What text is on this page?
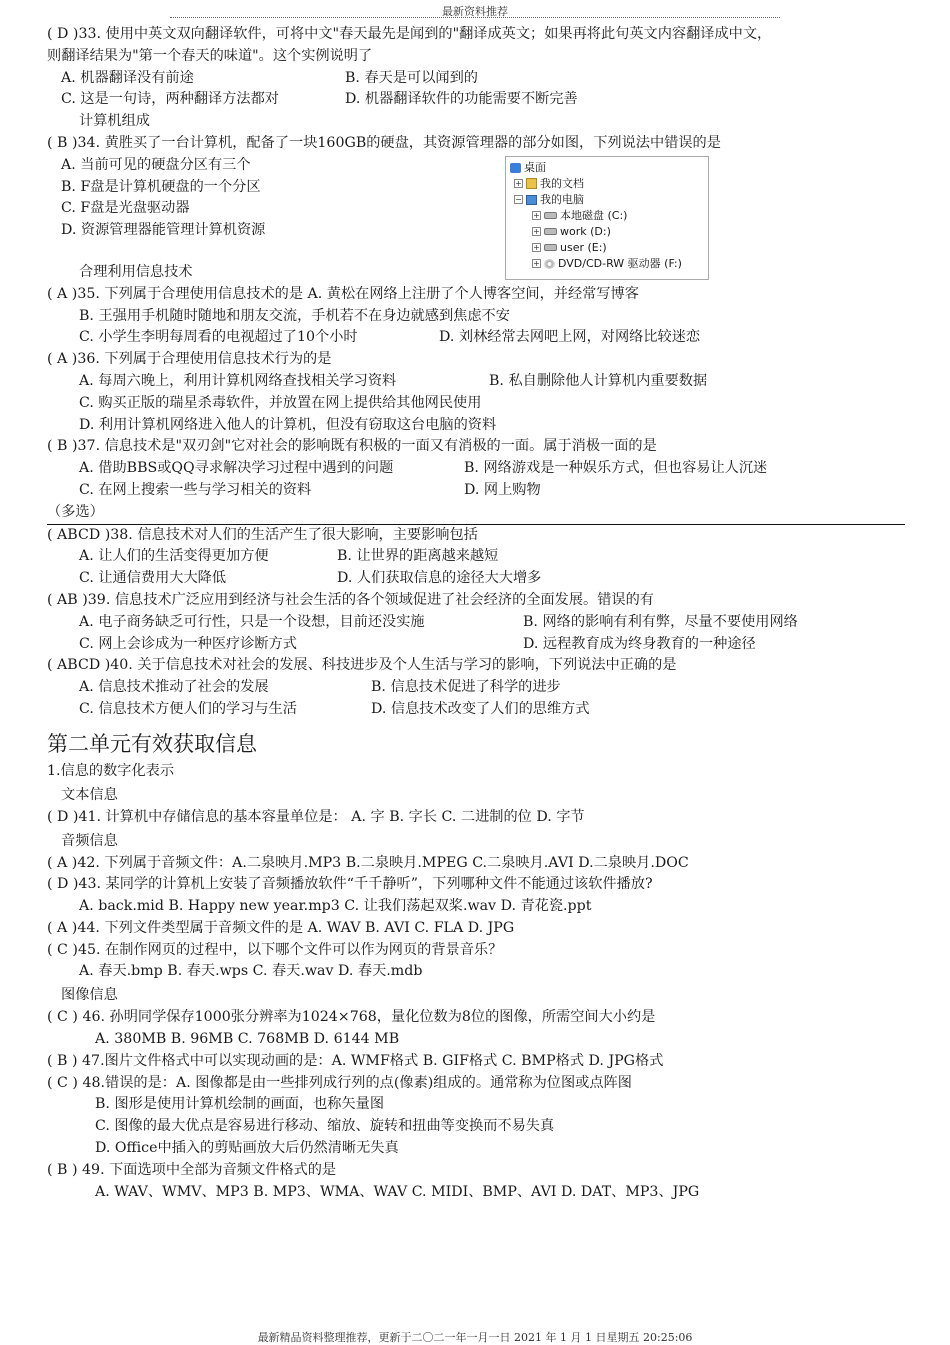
最新资料推荐
( D )33. 使用中英文双向翻译软件，可将中文"春天最先是闻到的"翻译成英文；如果再将此句英文内容翻译成中文，
则翻译结果为"第一个春天的味道"。这个实例说明了
A. 机器翻译没有前途	B. 春天是可以闻到的
C. 这是一句诗，两种翻译方法都对	D. 机器翻译软件的功能需要不断完善
计算机组成
( B )34. 黄胜买了一台计算机，配备了一块160GB的硬盘，其资源管理器的部分如图，下列说法中错误的是
A. 当前可见的硬盘分区有三个
B. F盘是计算机硬盘的一个分区
C. F盘是光盘驱动器
D. 资源管理器能管理计算机资源
桌面
+ 我的文档
− 我的电脑
+ 本地磁盘 (C:)
+ work (D:)
+ user (E:)
+ DVD/CD-RW 驱动器 (F:)
合理利用信息技术
( A )35. 下列属于合理使用信息技术的是 A. 黄松在网络上注册了个人博客空间，并经常写博客
B. 王强用手机随时随地和朋友交流，手机若不在身边就感到焦虑不安
C. 小学生李明每周看的电视超过了10个小时	D. 刘林经常去网吧上网，对网络比较迷恋
( A )36. 下列属于合理使用信息技术行为的是
A. 每周六晚上，利用计算机网络查找相关学习资料	B. 私自删除他人计算机内重要数据
C. 购买正版的瑞星杀毒软件，并放置在网上提供给其他网民使用
D. 利用计算机网络进入他人的计算机，但没有窃取这台电脑的资料
( B )37. 信息技术是"双刃剑"它对社会的影响既有积极的一面又有消极的一面。属于消极一面的是
A. 借助BBS或QQ寻求解决学习过程中遇到的问题	B. 网络游戏是一种娱乐方式，但也容易让人沉迷
C. 在网上搜索一些与学习相关的资料	D. 网上购物
（多选）
( ABCD )38. 信息技术对人们的生活产生了很大影响，主要影响包括
A. 让人们的生活变得更加方便	B. 让世界的距离越来越短
C. 让通信费用大大降低	D. 人们获取信息的途径大大增多
( AB )39. 信息技术广泛应用到经济与社会生活的各个领域促进了社会经济的全面发展。错误的有
A. 电子商务缺乏可行性，只是一个设想，目前还没实施	B. 网络的影响有利有弊，尽量不要使用网络
C. 网上会诊成为一种医疗诊断方式	D. 远程教育成为终身教育的一种途径
( ABCD )40. 关于信息技术对社会的发展、科技进步及个人生活与学习的影响，下列说法中正确的是
A. 信息技术推动了社会的发展	B. 信息技术促进了科学的进步
C. 信息技术方便人们的学习与生活	D. 信息技术改变了人们的思维方式
第二单元有效获取信息
1.信息的数字化表示
文本信息
( D )41. 计算机中存储信息的基本容量单位是： A. 字 B. 字长 C. 二进制的位 D. 字节
音频信息
( A )42. 下列属于音频文件：A.二泉映月.MP3 B.二泉映月.MPEG C.二泉映月.AVI D.二泉映月.DOC
( D )43. 某同学的计算机上安装了音频播放软件“千千静听”，下列哪种文件不能通过该软件播放?
A. back.mid B. Happy new year.mp3 C. 让我们荡起双桨.wav D. 青花瓷.ppt
( A )44. 下列文件类型属于音频文件的是 A. WAV B. AVI C. FLA D. JPG
( C )45. 在制作网页的过程中，以下哪个文件可以作为网页的背景音乐？
A. 春天.bmp B. 春天.wps C. 春天.wav D. 春天.mdb
图像信息
( C ) 46. 孙明同学保存1000张分辨率为1024×768，量化位数为8位的图像，所需空间大小约是
A. 380MB B. 96MB C. 768MB D. 6144 MB
( B ) 47.图片文件格式中可以实现动画的是：A. WMF格式 B. GIF格式 C. BMP格式 D. JPG格式
( C ) 48.错误的是：A. 图像都是由一些排列成行列的点(像素)组成的。通常称为位图或点阵图
B. 图形是使用计算机绘制的画面，也称矢量图
C. 图像的最大优点是容易进行移动、缩放、旋转和扭曲等变换而不易失真
D. Office中插入的剪贴画放大后仍然清晰无失真
( B ) 49. 下面选项中全部为音频文件格式的是
A. WAV、WMV、MP3 B. MP3、WMA、WAV C. MIDI、BMP、AVI D. DAT、MP3、JPG
最新精品资料整理推荐，更新于二〇二一年一月一日 2021 年 1 月 1 日星期五 20:25:06
